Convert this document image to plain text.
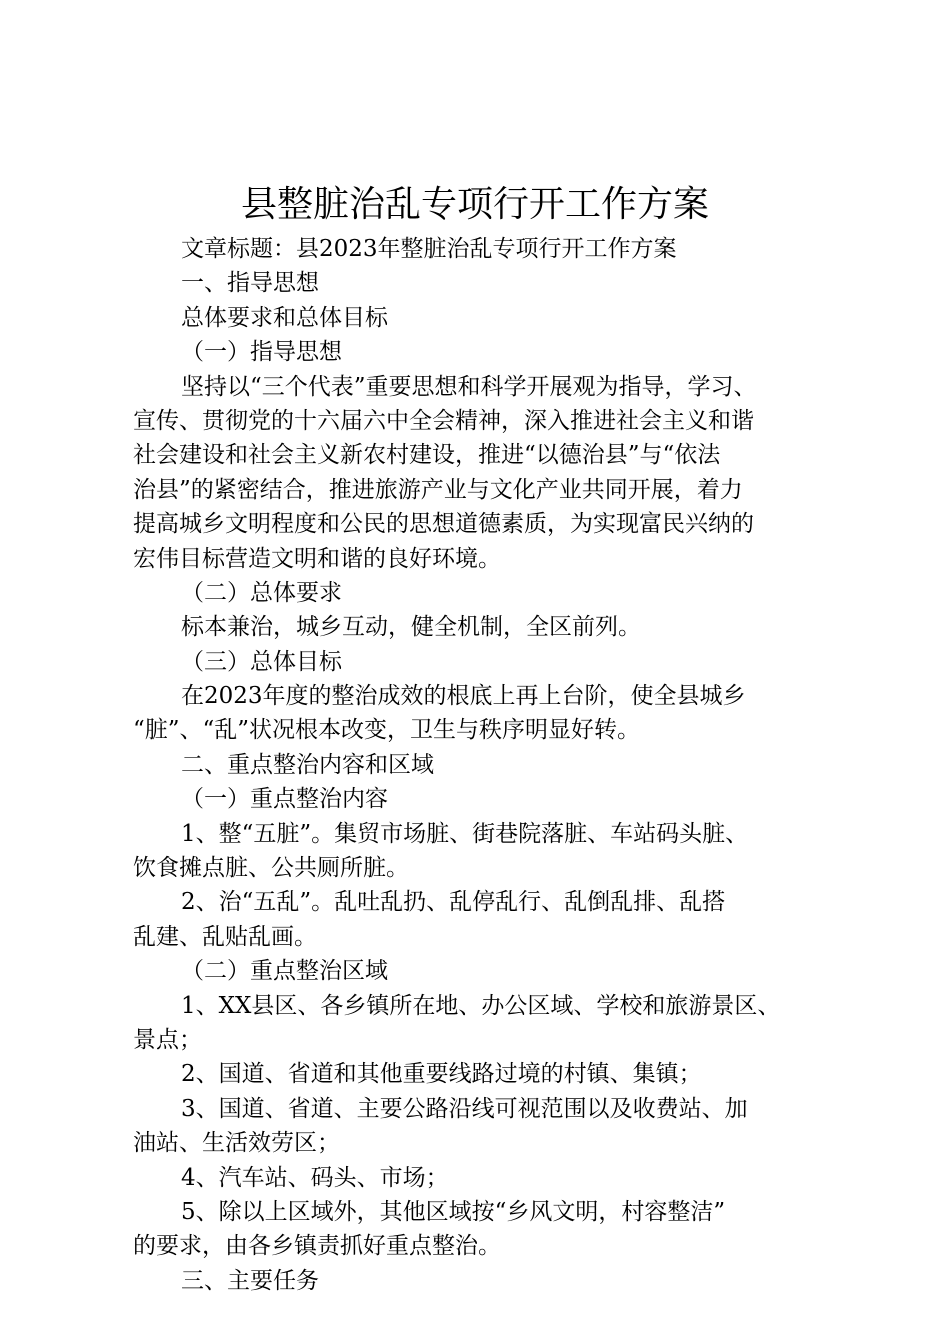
县整脏治乱专项行开工作方案
文章标题：县2023年整脏治乱专项行开工作方案
一、指导思想
总体要求和总体目标
（一）指导思想
坚持以“三个代表”重要思想和科学开展观为指导，学习、
宣传、贯彻党的十六届六中全会精神，深入推进社会主义和谐
社会建设和社会主义新农村建设，推进“以德治县”与“依法
治县”的紧密结合，推进旅游产业与文化产业共同开展，着力
提高城乡文明程度和公民的思想道德素质，为实现富民兴纳的
宏伟目标营造文明和谐的良好环境。
（二）总体要求
标本兼治，城乡互动，健全机制，全区前列。
（三）总体目标
在2023年度的整治成效的根底上再上台阶，使全县城乡
“脏”、“乱”状况根本改变，卫生与秩序明显好转。
二、重点整治内容和区域
（一）重点整治内容
1、整“五脏”。集贸市场脏、街巷院落脏、车站码头脏、
饮食摊点脏、公共厕所脏。
2、治“五乱”。乱吐乱扔、乱停乱行、乱倒乱排、乱搭
乱建、乱贴乱画。
（二）重点整治区域
1、XX县区、各乡镇所在地、办公区域、学校和旅游景区、
景点；
2、国道、省道和其他重要线路过境的村镇、集镇；
3、国道、省道、主要公路沿线可视范围以及收费站、加
油站、生活效劳区；
4、汽车站、码头、市场；
5、除以上区域外，其他区域按“乡风文明，村容整洁”
的要求，由各乡镇责抓好重点整治。
三、主要任务
